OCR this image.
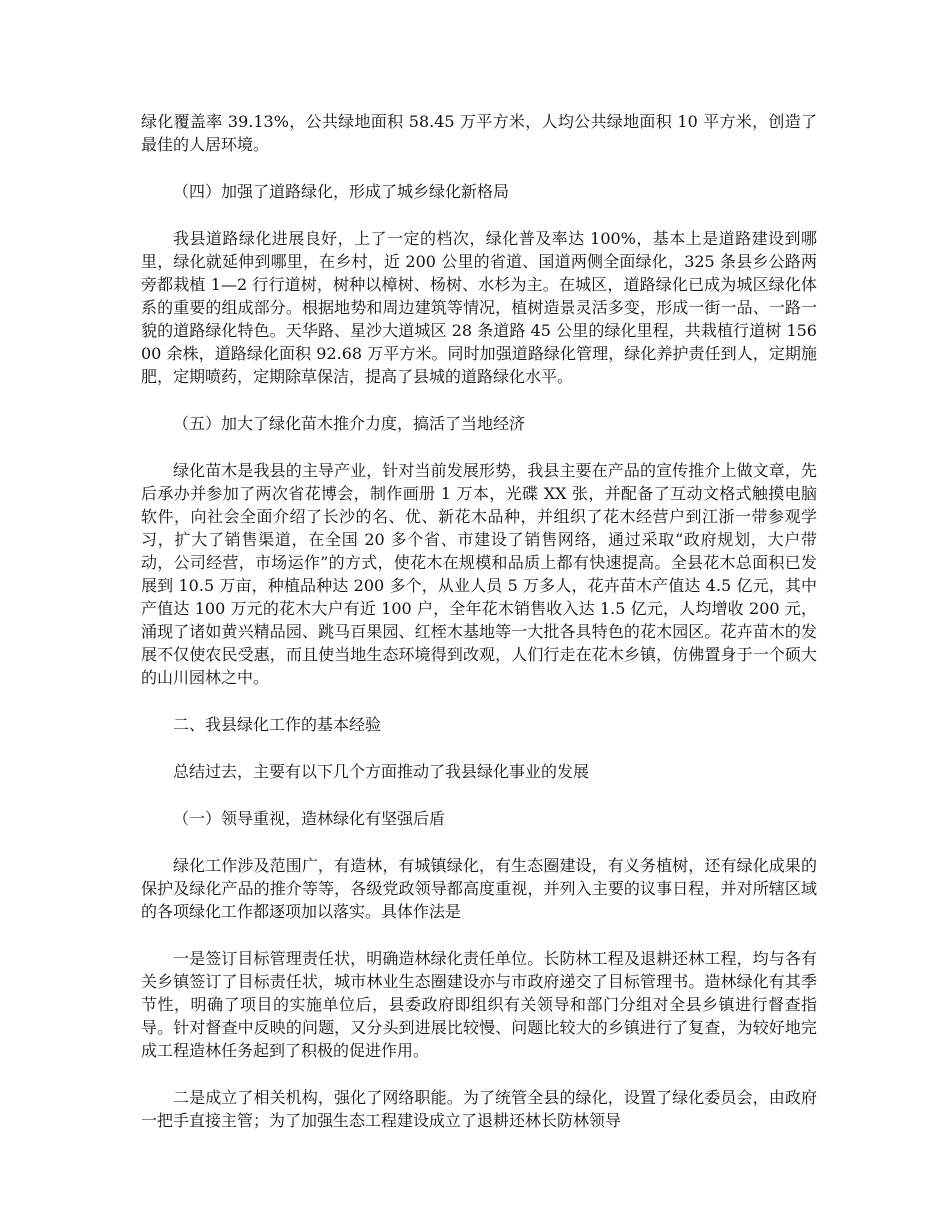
绿化覆盖率 39.13%，公共绿地面积 58.45 万平方米，人均公共绿地面积 10 平方米，创造了最佳的人居环境。

（四）加强了道路绿化，形成了城乡绿化新格局

我县道路绿化进展良好，上了一定的档次，绿化普及率达 100%，基本上是道路建设到哪里，绿化就延伸到哪里，在乡村，近 200 公里的省道、国道两侧全面绿化，325 条县乡公路两旁都栽植 1—2 行行道树，树种以樟树、杨树、水杉为主。在城区，道路绿化已成为城区绿化体系的重要的组成部分。根据地势和周边建筑等情况，植树造景灵活多变，形成一街一品、一路一貌的道路绿化特色。天华路、星沙大道城区 28 条道路 45 公里的绿化里程，共栽植行道树 15600 余株，道路绿化面积 92.68 万平方米。同时加强道路绿化管理，绿化养护责任到人，定期施肥，定期喷药，定期除草保洁，提高了县城的道路绿化水平。

（五）加大了绿化苗木推介力度，搞活了当地经济

绿化苗木是我县的主导产业，针对当前发展形势，我县主要在产品的宣传推介上做文章，先后承办并参加了两次省花博会，制作画册 1 万本，光碟 XX 张，并配备了互动文格式触摸电脑软件，向社会全面介绍了长沙的名、优、新花木品种，并组织了花木经营户到江浙一带参观学习，扩大了销售渠道，在全国 20 多个省、市建设了销售网络，通过采取“政府规划，大户带动，公司经营，市场运作”的方式，使花木在规模和品质上都有快速提高。全县花木总面积已发展到 10.5 万亩，种植品种达 200 多个，从业人员 5 万多人，花卉苗木产值达 4.5 亿元，其中产值达 100 万元的花木大户有近 100 户，全年花木销售收入达 1.5 亿元，人均增收 200 元，涌现了诸如黄兴精品园、跳马百果园、红桎木基地等一大批各具特色的花木园区。花卉苗木的发展不仅使农民受惠，而且使当地生态环境得到改观，人们行走在花木乡镇，仿佛置身于一个硕大的山川园林之中。

二、我县绿化工作的基本经验

总结过去，主要有以下几个方面推动了我县绿化事业的发展

（一）领导重视，造林绿化有坚强后盾

绿化工作涉及范围广，有造林，有城镇绿化，有生态圈建设，有义务植树，还有绿化成果的保护及绿化产品的推介等等，各级党政领导都高度重视，并列入主要的议事日程，并对所辖区域的各项绿化工作都逐项加以落实。具体作法是

一是签订目标管理责任状，明确造林绿化责任单位。长防林工程及退耕还林工程，均与各有关乡镇签订了目标责任状，城市林业生态圈建设亦与市政府递交了目标管理书。造林绿化有其季节性，明确了项目的实施单位后，县委政府即组织有关领导和部门分组对全县乡镇进行督查指导。针对督查中反映的问题，又分头到进展比较慢、问题比较大的乡镇进行了复查，为较好地完成工程造林任务起到了积极的促进作用。

二是成立了相关机构，强化了网络职能。为了统管全县的绿化，设置了绿化委员会，由政府一把手直接主管；为了加强生态工程建设成立了退耕还林长防林领导
